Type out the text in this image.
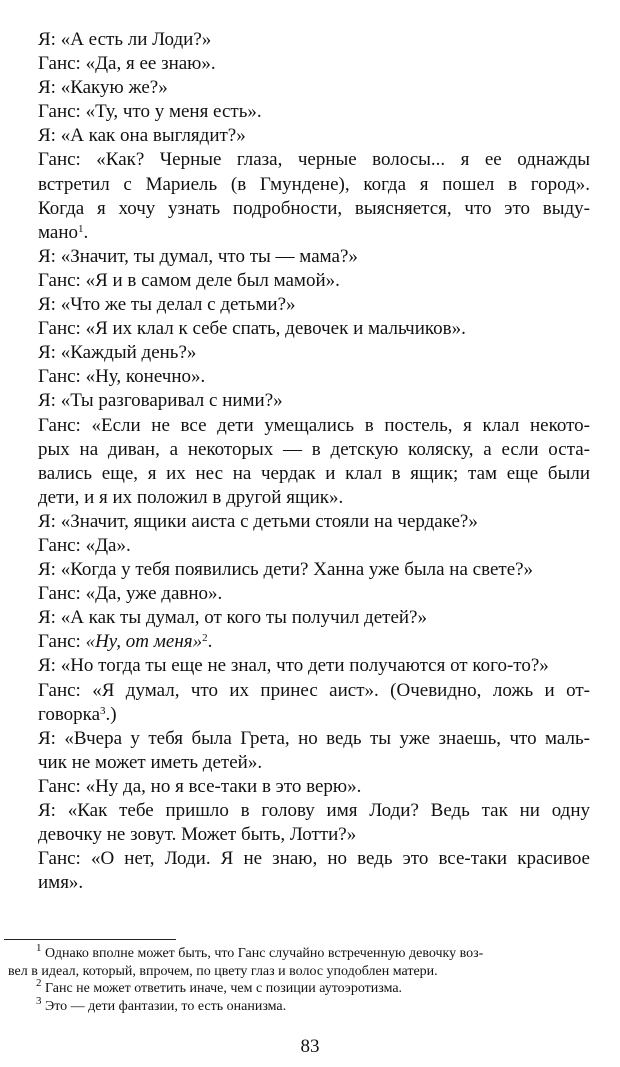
Я: «А есть ли Лоди?»
Ганс: «Да, я ее знаю».
Я: «Какую же?»
Ганс: «Ту, что у меня есть».
Я: «А как она выглядит?»
Ганс: «Как? Черные глаза, черные волосы... я ее однажды
встретил с Мариель (в Гмундене), когда я пошел в город».
Когда я хочу узнать подробности, выясняется, что это выду-
мано$^1$.
Я: «Значит, ты думал, что ты — мама?»
Ганс: «Я и в самом деле был мамой».
Я: «Что же ты делал с детьми?»
Ганс: «Я их клал к себе спать, девочек и мальчиков».
Я: «Каждый день?»
Ганс: «Ну, конечно».
Я: «Ты разговаривал с ними?»
Ганс: «Если не все дети умещались в постель, я клал некото-
рых на диван, а некоторых — в детскую коляску, а если оста-
вались еще, я их нес на чердак и клал в ящик; там еще были
дети, и я их положил в другой ящик».
Я: «Значит, ящики аиста с детьми стояли на чердаке?»
Ганс: «Да».
Я: «Когда у тебя появились дети? Ханна уже была на свете?»
Ганс: «Да, уже давно».
Я: «А как ты думал, от кого ты получил детей?»
Ганс: «Ну, от меня»$^2$.
Я: «Но тогда ты еще не знал, что дети получаются от кого-то?»
Ганс: «Я думал, что их принес аист». (Очевидно, ложь и от-
говорка$^3$.)
Я: «Вчера у тебя была Грета, но ведь ты уже знаешь, что маль-
чик не может иметь детей».
Ганс: «Ну да, но я все-таки в это верю».
Я: «Как тебе пришло в голову имя Лоди? Ведь так ни одну
девочку не зовут. Может быть, Лотти?»
Ганс: «О нет, Лоди. Я не знаю, но ведь это все-таки красивое
имя».
$^1$ Однако вполне может быть, что Ганс случайно встреченную девочку воз-
вел в идеал, который, впрочем, по цвету глаз и волос уподоблен матери.
$^2$ Ганс не может ответить иначе, чем с позиции аутоэротизма.
$^3$ Это — дети фантазии, то есть онанизма.
83
